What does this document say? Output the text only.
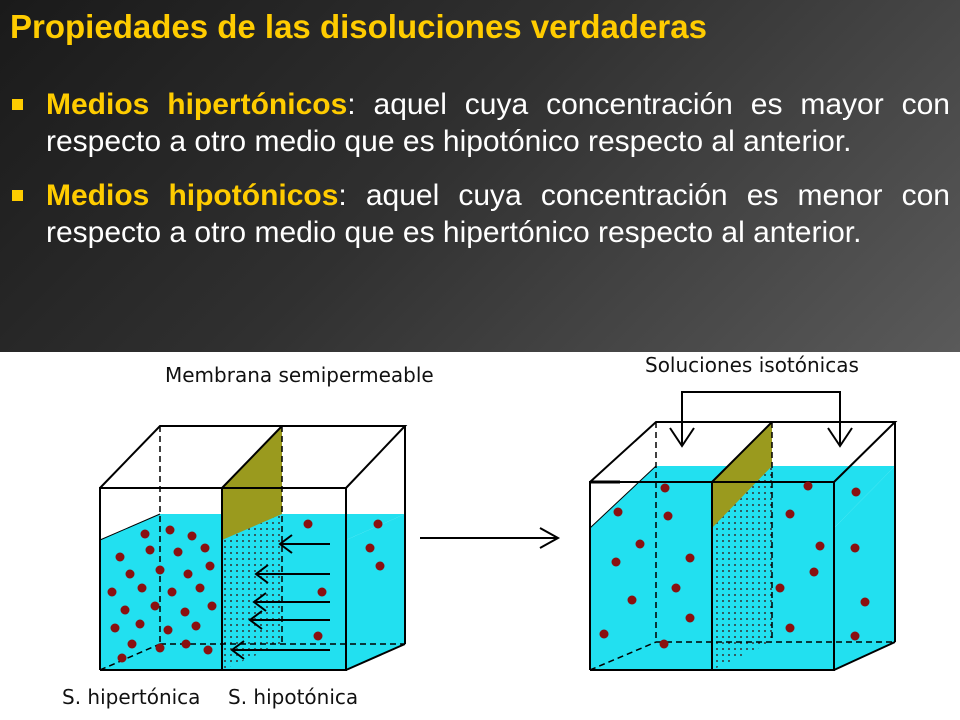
Propiedades de las disoluciones verdaderas
Medios hipertónicos: aquel cuya concentración es mayor con respecto a otro medio que es hipotónico respecto al anterior.
Medios hipotónicos: aquel cuya concentración es menor con respecto a otro medio que es hipertónico respecto al anterior.
Membrana semipermeable	Soluciones isotónicas
S. hipertónica S. hipotónica
